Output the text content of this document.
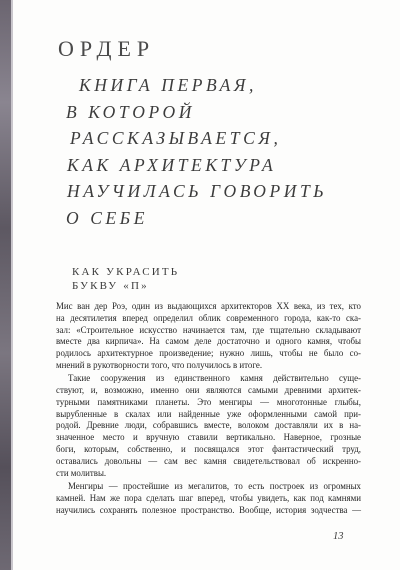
ОРДЕР
КНИГА ПЕРВАЯ,
В КОТОРОЙ
РАССКАЗЫВАЕТСЯ,
КАК АРХИТЕКТУРА
НАУЧИЛАСЬ ГОВОРИТЬ
О СЕБЕ
КАК УКРАСИТЬ
БУКВУ «П»
Мис ван дер Роэ, один из выдающихся архитекторов XX века, из тех, кто
на десятилетия вперед определил облик современного города, как-то ска-
зал: «Строительное искусство начинается там, где тщательно складывают
вместе два кирпича». На самом деле достаточно и одного камня, чтобы
родилось архитектурное произведение; нужно лишь, чтобы не было со-
мнений в рукотворности того, что получилось в итоге.
Такие сооружения из единственного камня действительно суще-
ствуют, и, возможно, именно они являются самыми древними архитек-
турными памятниками планеты. Это менгиры — многотонные глыбы,
вырубленные в скалах или найденные уже оформленными самой при-
родой. Древние люди, собравшись вместе, волоком доставляли их в на-
значенное место и вручную ставили вертикально. Наверное, грозные
боги, которым, собственно, и посвящался этот фантастический труд,
оставались довольны — сам вес камня свидетельствовал об искренно-
сти молитвы.
Менгиры — простейшие из мегалитов, то есть построек из огромных
камней. Нам же пора сделать шаг вперед, чтобы увидеть, как под камнями
научились сохранять полезное пространство. Вообще, история зодчества —
13
